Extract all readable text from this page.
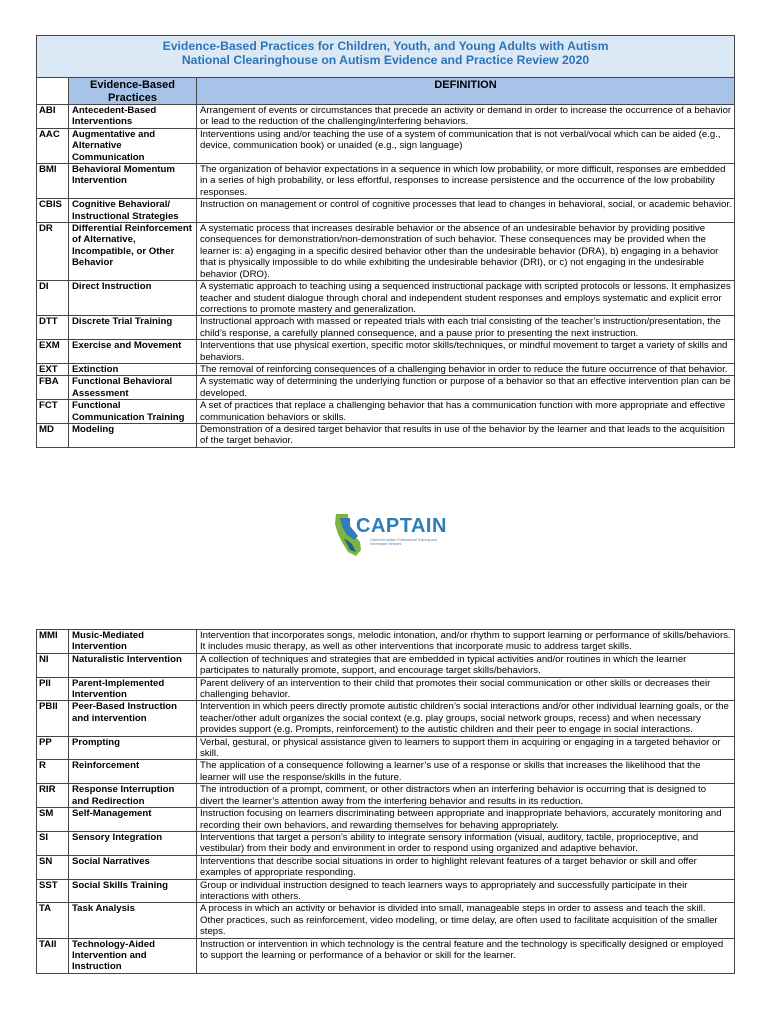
Evidence-Based Practices for Children, Youth, and Young Adults with Autism
National Clearinghouse on Autism Evidence and Practice Review 2020		

	Evidence-Based Practices	DEFINITION
ABI	Antecedent-Based Interventions	Arrangement of events or circumstances that precede an activity or demand in order to increase the occurrence of a behavior or lead to the reduction of the challenging/interfering behaviors.
AAC	Augmentative and Alternative Communication	Interventions using and/or teaching the use of a system of communication that is not verbal/vocal which can be aided (e.g., device, communication book) or unaided (e.g., sign language)
BMI	Behavioral Momentum Intervention	The organization of behavior expectations in a sequence in which low probability, or more difficult, responses are embedded in a series of high probability, or less effortful, responses to increase persistence and the occurrence of the low probability responses.
CBIS	Cognitive Behavioral/ Instructional Strategies	Instruction on management or control of cognitive processes that lead to changes in behavioral, social, or academic behavior.
DR	Differential Reinforcement of Alternative, Incompatible, or Other Behavior	A systematic process that increases desirable behavior or the absence of an undesirable behavior by providing positive consequences for demonstration/non-demonstration of such behavior. These consequences may be provided when the learner is: a) engaging in a specific desired behavior other than the undesirable behavior (DRA), b) engaging in a behavior that is physically impossible to do while exhibiting the undesirable behavior (DRI), or c) not engaging in the undesirable behavior (DRO).
DI	Direct Instruction	A systematic approach to teaching using a sequenced instructional package with scripted protocols or lessons. It emphasizes teacher and student dialogue through choral and independent student responses and employs systematic and explicit error corrections to promote mastery and generalization.
DTT	Discrete Trial Training	Instructional approach with massed or repeated trials with each trial consisting of the teacher’s instruction/presentation, the child’s response, a carefully planned consequence, and a pause prior to presenting the next instruction.
EXM	Exercise and Movement	Interventions that use physical exertion, specific motor skills/techniques, or mindful movement to target a variety of skills and behaviors.
EXT	Extinction	The removal of reinforcing consequences of a challenging behavior in order to reduce the future occurrence of that behavior.
FBA	Functional Behavioral Assessment	A systematic way of determining the underlying function or purpose of a behavior so that an effective intervention plan can be developed.
FCT	Functional Communication Training	A set of practices that replace a challenging behavior that has a communication function with more appropriate and effective communication behaviors or skills.
MD	Modeling	Demonstration of a desired target behavior that results in use of the behavior by the learner and that leads to the acquisition of the target behavior.
CAPTAIN
California Autism Professional Training and Information Network
MMI	Music-Mediated Intervention	Intervention that incorporates songs, melodic intonation, and/or rhythm to support learning or performance of skills/behaviors. It includes music therapy, as well as other interventions that incorporate music to address target skills.
NI	Naturalistic Intervention	A collection of techniques and strategies that are embedded in typical activities and/or routines in which the learner participates to naturally promote, support, and encourage target skills/behaviors.
PII	Parent-Implemented Intervention	Parent delivery of an intervention to their child that promotes their social communication or other skills or decreases their challenging behavior.
PBII	Peer-Based Instruction and intervention	Intervention in which peers directly promote autistic children’s social interactions and/or other individual learning goals, or the teacher/other adult organizes the social context (e.g. play groups, social network groups, recess) and when necessary provides support (e.g. Prompts, reinforcement) to the autistic children and their peer to engage in social interactions.
PP	Prompting	Verbal, gestural, or physical assistance given to learners to support them in acquiring or engaging in a targeted behavior or skill.
R	Reinforcement	The application of a consequence following a learner’s use of a response or skills that increases the likelihood that the learner will use the response/skills in the future.
RIR	Response Interruption and Redirection	The introduction of a prompt, comment, or other distractors when an interfering behavior is occurring that is designed to divert the learner’s attention away from the interfering behavior and results in its reduction.
SM	Self-Management	Instruction focusing on learners discriminating between appropriate and inappropriate behaviors, accurately monitoring and recording their own behaviors, and rewarding themselves for behaving appropriately.
SI	Sensory Integration	Interventions that target a person’s ability to integrate sensory information (visual, auditory, tactile, proprioceptive, and vestibular) from their body and environment in order to respond using organized and adaptive behavior.
SN	Social Narratives	Interventions that describe social situations in order to highlight relevant features of a target behavior or skill and offer examples of appropriate responding.
SST	Social Skills Training	Group or individual instruction designed to teach learners ways to appropriately and successfully participate in their interactions with others.
TA	Task Analysis	A process in which an activity or behavior is divided into small, manageable steps in order to assess and teach the skill. Other practices, such as reinforcement, video modeling, or time delay, are often used to facilitate acquisition of the smaller steps.
TAII	Technology-Aided Intervention and Instruction	Instruction or intervention in which technology is the central feature and the technology is specifically designed or employed to support the learning or performance of a behavior or skill for the learner.
